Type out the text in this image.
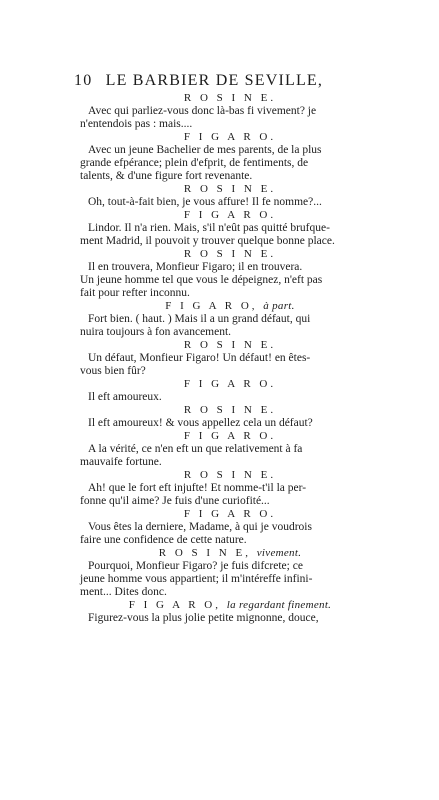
10 LE BARBIER DE SEVILLE,

R O S I N E.

Avec qui parliez-vous donc là-bas fi vivement? je

n'entendois pas : mais....

F I G A R O.

Avec un jeune Bachelier de mes parents, de la plus

grande efpérance; plein d'efprit, de fentiments, de

talents, & d'une figure fort revenante.

R O S I N E.

Oh, tout-à-fait bien, je vous affure! Il fe nomme?...

F I G A R O.

Lindor. Il n'a rien. Mais, s'il n'eût pas quitté brufque-

ment Madrid, il pouvoit y trouver quelque bonne place.

R O S I N E.

Il en trouvera, Monfieur Figaro; il en trouvera.

Un jeune homme tel que vous le dépeignez, n'eft pas

fait pour refter inconnu.

F I G A R O, à part.

Fort bien. ( haut. ) Mais il a un grand défaut, qui

nuira toujours à fon avancement.

R O S I N E.

Un défaut, Monfieur Figaro! Un défaut! en êtes-

vous bien fûr?

F I G A R O.

Il eft amoureux.

R O S I N E.

Il eft amoureux! & vous appellez cela un défaut?

F I G A R O.

A la vérité, ce n'en eft un que relativement à fa

mauvaife fortune.

R O S I N E.

Ah! que le fort eft injufte! Et nomme-t'il la per-

fonne qu'il aime? Je fuis d'une curiofité...

F I G A R O.

Vous êtes la derniere, Madame, à qui je voudrois

faire une confidence de cette nature.

R O S I N E, vivement.

Pourquoi, Monfieur Figaro? je fuis difcrete; ce

jeune homme vous appartient; il m'intéreffe infini-

ment... Dites donc.

F I G A R O, la regardant finement.

Figurez-vous la plus jolie petite mignonne, douce,
